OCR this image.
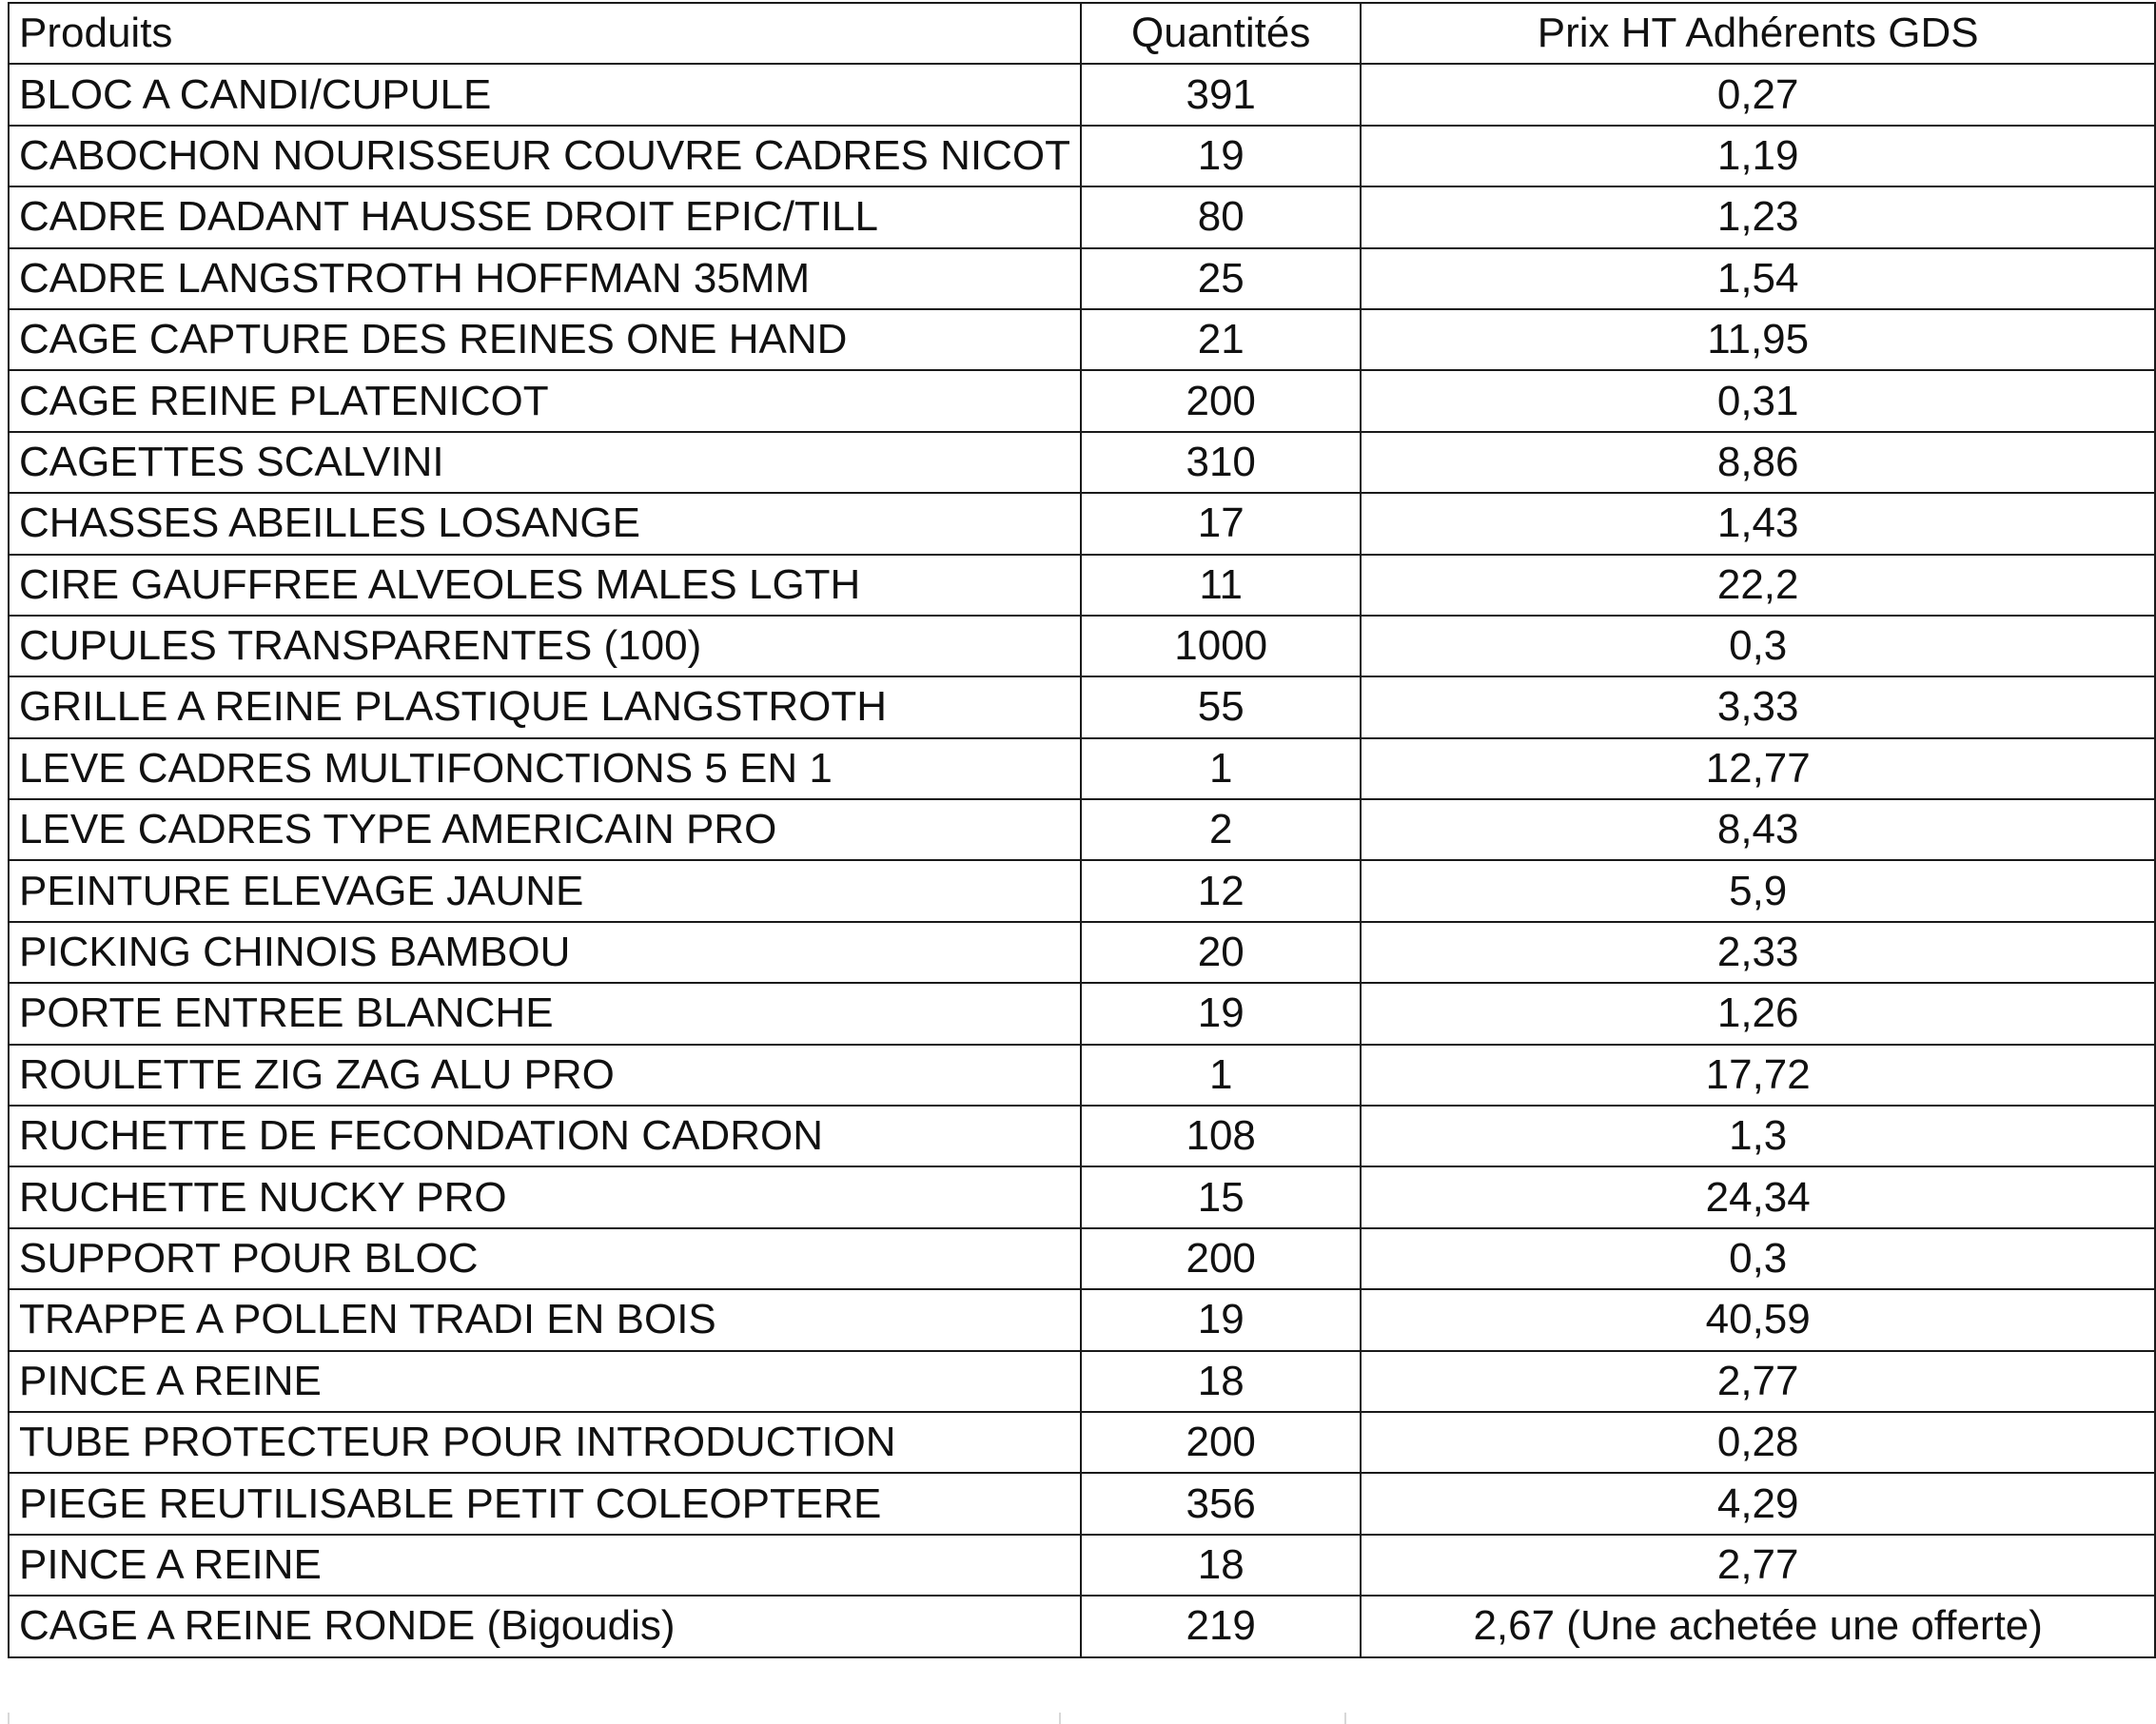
Produits	Quantités	Prix HT Adhérents GDS
BLOC A CANDI/CUPULE	391	0,27
CABOCHON NOURISSEUR COUVRE CADRES NICOT	19	1,19
CADRE DADANT HAUSSE DROIT EPIC/TILL	80	1,23
CADRE LANGSTROTH HOFFMAN 35MM	25	1,54
CAGE CAPTURE DES REINES ONE HAND	21	11,95
CAGE REINE PLATENICOT	200	0,31
CAGETTES SCALVINI	310	8,86
CHASSES ABEILLES LOSANGE	17	1,43
CIRE GAUFFREE ALVEOLES MALES LGTH	11	22,2
CUPULES TRANSPARENTES (100)	1000	0,3
GRILLE A REINE PLASTIQUE LANGSTROTH	55	3,33
LEVE CADRES MULTIFONCTIONS 5 EN 1	1	12,77
LEVE CADRES TYPE AMERICAIN PRO	2	8,43
PEINTURE ELEVAGE JAUNE	12	5,9
PICKING CHINOIS BAMBOU	20	2,33
PORTE ENTREE BLANCHE	19	1,26
ROULETTE ZIG ZAG ALU PRO	1	17,72
RUCHETTE DE FECONDATION CADRON	108	1,3
RUCHETTE NUCKY PRO	15	24,34
SUPPORT POUR BLOC	200	0,3
TRAPPE A POLLEN TRADI EN BOIS	19	40,59
PINCE A REINE	18	2,77
TUBE PROTECTEUR POUR INTRODUCTION	200	0,28
PIEGE REUTILISABLE PETIT COLEOPTERE	356	4,29
PINCE A REINE	18	2,77
CAGE A REINE RONDE (Bigoudis)	219	2,67 (Une achetée une offerte)
